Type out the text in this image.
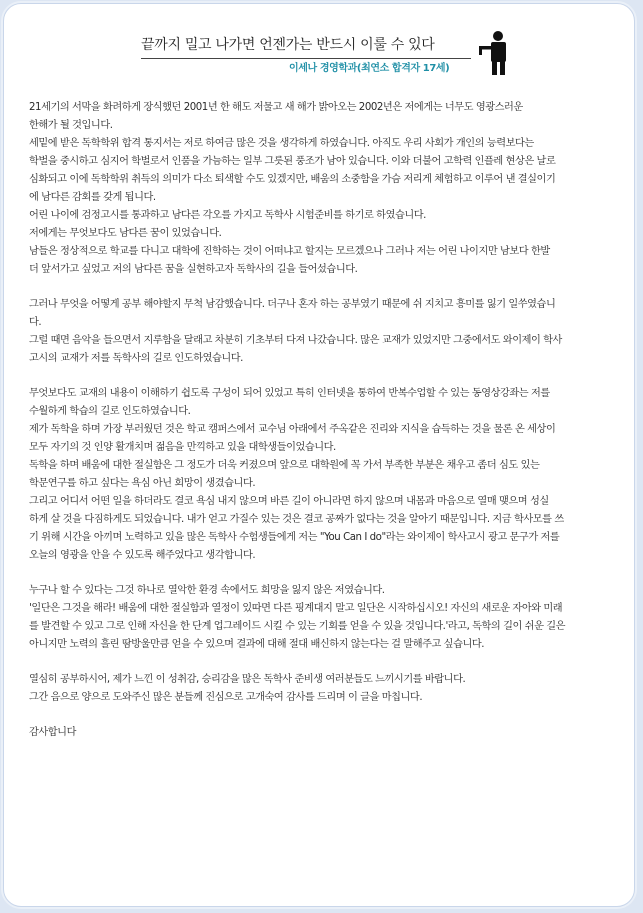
끝까지 밀고 나가면 언젠가는 반드시 이룰 수 있다
이세나 경영학과(최연소 합격자 17세)

21세기의 서막을 화려하게 장식했던 2001년 한 해도 저물고 새 해가 밝아오는 2002년은 저에게는 너무도 영광스러운
한해가 될 것입니다.
세밑에 받은 독학학위 합격 통지서는 저로 하여금 많은 것을 생각하게 하였습니다. 아직도 우리 사회가 개인의 능력보다는
학벌을 중시하고 심지어 학벌로서 인품을 가늠하는 일부 그릇된 풍조가 남아 있습니다. 이와 더불어 고학력 인플레 현상은 날로
심화되고 이에 독학학위 취득의 의미가 다소 퇴색할 수도 있겠지만, 배움의 소중함을 가슴 저리게 체험하고 이루어 낸 결실이기
에 남다른 감회를 갖게 됩니다.
어린 나이에 검정고시를 통과하고 남다른 각오를 가지고 독학사 시험준비를 하기로 하였습니다.
저에게는 무엇보다도 남다른 꿈이 있었습니다.
남들은 정상적으로 학교를 다니고 대학에 진학하는 것이 어떠냐고 할지는 모르겠으나 그러나 저는 어린 나이지만 남보다 한발
더 앞서가고 싶었고 저의 남다른 꿈을 실현하고자 독학사의 길을 들어섰습니다.

그러나 무엇을 어떻게 공부 해야할지 무척 남감했습니다. 더구나 혼자 하는 공부였기 때문에 쉬 지치고 흥미를 잃기 일쑤였습니
다.
그럴 때면 음악을 들으면서 지루함을 달래고 차분히 기초부터 다져 나갔습니다. 많은 교재가 있었지만 그중에서도 와이제이 학사
고시의 교재가 저를 독학사의 길로 인도하였습니다.

무엇보다도 교재의 내용이 이해하기 쉽도록 구성이 되어 있었고 특히 인터넷을 통하여 반복수업할 수 있는 동영상강좌는 저를
수월하게 학습의 길로 인도하였습니다.
제가 독학을 하며 가장 부러웠던 것은 학교 캠퍼스에서 교수님 아래에서 주옥같은 진리와 지식을 습득하는 것을 물론 온 세상이
모두 자기의 것 인양 활개치며 젊음을 만끽하고 있을 대학생들이었습니다.
독학을 하며 배움에 대한 절실함은 그 정도가 더욱 커졌으며 앞으로 대학원에 꼭 가서 부족한 부분은 채우고 좀더 심도 있는
학문연구를 하고 싶다는 욕심 아닌 희망이 생겼습니다.
그리고 어디서 어떤 일을 하더라도 결코 욕심 내지 않으며 바른 길이 아니라면 하지 않으며 내몸과 마음으로 열매 맺으며 성실
하게 살 것을 다짐하게도 되었습니다. 내가 얻고 가질수 있는 것은 결코 공짜가 없다는 것을 알아기 때문입니다. 지금 학사모를 쓰
기 위해 시간을 아끼며 노력하고 있을 많은 독학사 수험생들에게 저는 "You Can I do"라는 와이제이 학사고시 광고 문구가 저를
오늘의 영광을 안을 수 있도록 해주었다고 생각합니다.

누구나 할 수 있다는 그것 하나로 열악한 환경 속에서도 희망을 잃지 않은 저였습니다.
'일단은 그것을 해라! 배움에 대한 절실함과 열정이 있따면 다른 핑계대지 말고 일단은 시작하십시오! 자신의 새로운 자아와 미래
를 발견할 수 있고 그로 인해 자신을 한 단계 업그레이드 시킬 수 있는 기회를 얻을 수 있을 것입니다.'라고, 독학의 길이 쉬운 길은
아니지만 노력의 흘린 땀방울만큼 얻을 수 있으며 결과에 대해 절대 배신하지 않는다는 걸 말해주고 싶습니다.

열심히 공부하시어, 제가 느낀 이 성취감, 승리감을 많은 독학사 준비생 여러분들도 느끼시기를 바랍니다.
그간 음으로 양으로 도와주신 많은 분들께 진심으로 고개숙여 감사를 드리며 이 글을 마칩니다.

감사합니다
